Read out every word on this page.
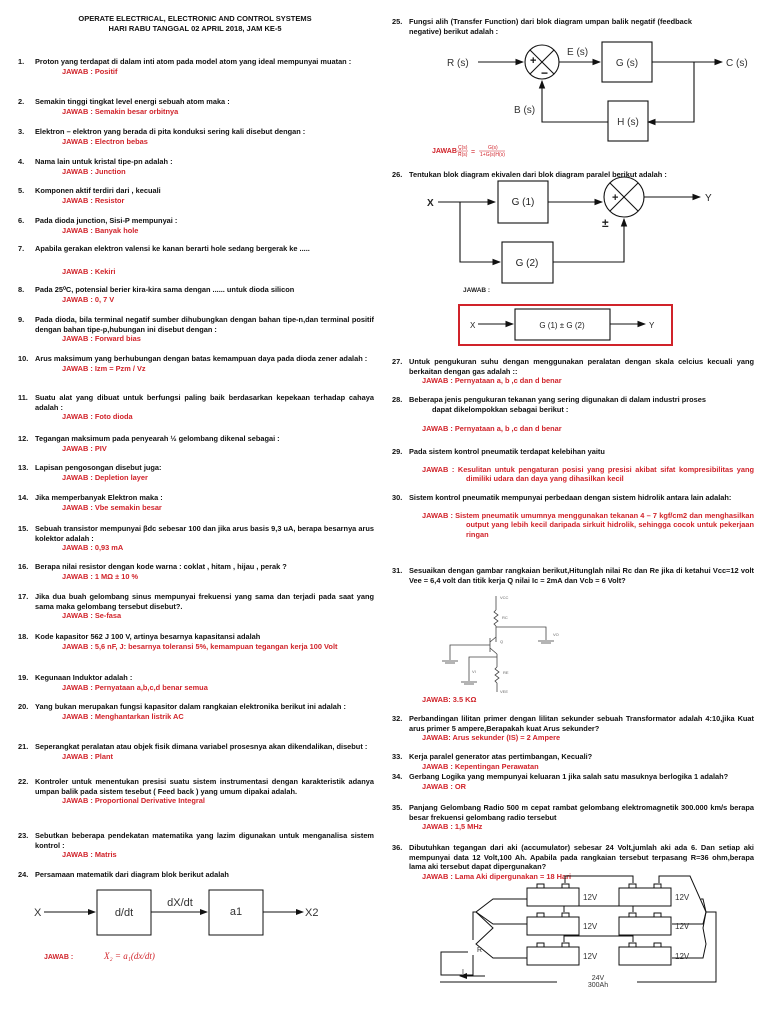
OPERATE ELECTRICAL, ELECTRONIC AND CONTROL SYSTEMS
HARI RABU TANGGAL 02 APRIL 2018, JAM KE-5
1. Proton yang terdapat di dalam inti atom pada model atom yang ideal mempunyai muatan :
JAWAB : Positif
2. Semakin tinggi tingkat level energi sebuah atom maka :
JAWAB : Semakin besar orbitnya
3. Elektron – elektron yang berada di pita konduksi sering kali disebut dengan :
JAWAB : Electron bebas
4. Nama lain untuk kristal tipe-pn adalah :
JAWAB : Junction
5. Komponen aktif terdiri dari , kecuali
JAWAB : Resistor
6. Pada dioda junction, Sisi-P mempunyai :
JAWAB : Banyak hole
7. Apabila gerakan elektron valensi ke kanan berarti hole sedang bergerak ke .....
JAWAB : Kekiri
8. Pada 25⁰C, potensial berier kira-kira sama dengan ...... untuk dioda silicon
JAWAB : 0, 7 V
9. Pada dioda, bila terminal negatif sumber dihubungkan dengan bahan tipe-n,dan terminal positif dengan bahan tipe-p,hubungan ini disebut dengan :
JAWAB : Forward bias
10. Arus maksimum yang berhubungan dengan batas kemampuan daya pada dioda zener adalah :
JAWAB : Izm = Pzm / Vz
11. Suatu alat yang dibuat untuk berfungsi paling baik berdasarkan kepekaan terhadap cahaya adalah :
JAWAB : Foto dioda
12. Tegangan maksimum pada penyearah ½ gelombang dikenal sebagai :
JAWAB : PIV
13. Lapisan pengosongan disebut juga:
JAWAB : Depletion layer
14. Jika memperbanyak Elektron maka :
JAWAB : Vbe semakin besar
15. Sebuah transistor mempunyai βdc sebesar 100 dan jika arus basis 9,3 uA, berapa besarnya arus kolektor adalah :
JAWAB : 0,93 mA
16. Berapa nilai resistor dengan kode warna : coklat , hitam , hijau , perak ?
JAWAB : 1 MΩ ± 10 %
17. Jika dua buah gelombang sinus mempunyai frekuensi yang sama dan terjadi pada saat yang sama maka gelombang tersebut disebut?.
JAWAB : Se-fasa
18. Kode kapasitor 562 J 100 V, artinya besarnya kapasitansi adalah
JAWAB : 5,6 nF, J: besarnya toleransi 5%, kemampuan tegangan kerja 100 Volt
19. Kegunaan Induktor adalah :
JAWAB : Pernyataan a,b,c,d benar semua
20. Yang bukan merupakan fungsi kapasitor dalam rangkaian elektronika berikut ini adalah :
JAWAB : Menghantarkan listrik AC
21. Seperangkat peralatan atau objek fisik dimana variabel prosesnya akan dikendalikan, disebut :
JAWAB : Plant
22. Kontroler untuk menentukan presisi suatu sistem instrumentasi dengan karakteristik adanya umpan balik pada sistem tesebut ( Feed back ) yang umum dipakai adalah.
JAWAB : Proportional Derivative Integral
23. Sebutkan beberapa pendekatan matematika yang lazim digunakan untuk menganalisa sistem kontrol :
JAWAB : Matris
24. Persamaan matematik dari diagram blok berikut adalah
25. Fungsi alih (Transfer Function) dari blok diagram umpan balik negatif (feedback negative) berikut adalah :
26. Tentukan blok diagram ekivalen dari blok diagram paralel berikut adalah :
27. Untuk pengukuran suhu dengan menggunakan peralatan dengan skala celcius kecuali yang berkaitan dengan gas adalah ::
JAWAB : Pernyataan a, b ,c dan d benar
28. Beberapa jenis pengukuran tekanan yang sering digunakan di dalam industri proses
dapat dikelompokkan sebagai berikut :
JAWAB : Pernyataan a, b ,c dan d benar
29. Pada sistem kontrol pneumatik terdapat kelebihan yaitu
JAWAB : Kesulitan untuk pengaturan posisi yang presisi akibat sifat kompresibilitas yang dimiliki udara dan daya yang dihasilkan kecil
30. Sistem kontrol pneumatik mempunyai perbedaan dengan sistem hidrolik antara lain adalah:
JAWAB : Sistem pneumatik umumnya menggunakan tekanan 4 – 7 kgf/cm2 dan menghasilkan output yang lebih kecil daripada sirkuit hidrolik, sehingga cocok untuk pekerjaan ringan
31. Sesuaikan dengan gambar rangkaian berikut,Hitunglah nilai Rc dan Re jika di ketahui Vcc=12 volt Vee = 6,4 volt dan titik kerja Q nilai Ic = 2mA dan Vcb = 6 Volt?
JAWAB: 3.5 KΩ
32. Perbandingan lilitan primer dengan lilitan sekunder sebuah Transformator adalah 4:10,jika Kuat arus primer 5 ampere,Berapakah kuat Arus sekunder?
JAWAB: Arus sekunder (IS) = 2 Ampere
33. Kerja paralel generator atas pertimbangan, Kecuali?
JAWAB : Kepentingan Perawatan
34. Gerbang Logika yang mempunyai keluaran 1 jika salah satu masuknya berlogika 1 adalah?
JAWAB : OR
35. Panjang Gelombang Radio 500 m cepat rambat gelombang elektromagnetik 300.000 km/s berapa besar frekuensi gelombang radio tersebut
JAWAB : 1,5 MHz
36. Dibutuhkan tegangan dari aki (accumulator) sebesar 24 Volt,jumlah aki ada 6. Dan setiap aki mempunyai data 12 Volt,100 Ah. Apabila pada rangkaian tersebut terpasang R=36 ohm,berapa lama aki tersebut dapat dipergunakan?
JAWAB : Lama Aki dipergunakan = 18 Hari
X	d/dt
dX/dt
a1	X2
JAWAB :	X₂ = a₁(dx/dt)
R (s)
E (s)
G (s)	C (s)
H (s)
B (s)
+
−
JAWAB :
C(s)
R(s) =
G(s)
1+G(s)H(s)
X	G (1)
G (2)
Y
+
±
JAWAB :
X	G (1) ± G (2)	Y
VCC
RC
Q
VO
VI	RE
VEE
12V	12V
12V	12V
12V	12V
R
I
24V
300Ah
